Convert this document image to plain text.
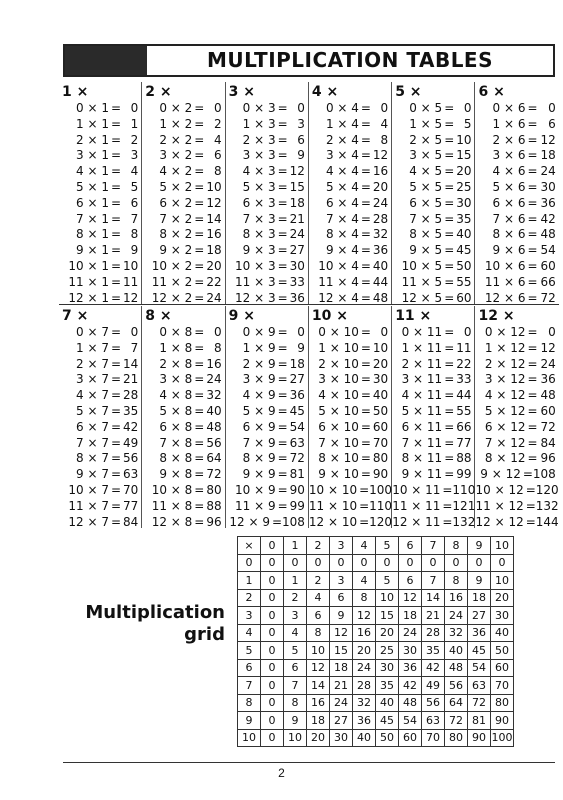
MULTIPLICATION TABLES
1 ×
0 × 1 = 0
1 × 1 = 1
2 × 1 = 2
3 × 1 = 3
4 × 1 = 4
5 × 1 = 5
6 × 1 = 6
7 × 1 = 7
8 × 1 = 8
9 × 1 = 9
10 × 1 = 10
11 × 1 = 11
12 × 1 = 12
2 ×
0 × 2 = 0
1 × 2 = 2
2 × 2 = 4
3 × 2 = 6
4 × 2 = 8
5 × 2 = 10
6 × 2 = 12
7 × 2 = 14
8 × 2 = 16
9 × 2 = 18
10 × 2 = 20
11 × 2 = 22
12 × 2 = 24
3 ×
0 × 3 = 0
1 × 3 = 3
2 × 3 = 6
3 × 3 = 9
4 × 3 = 12
5 × 3 = 15
6 × 3 = 18
7 × 3 = 21
8 × 3 = 24
9 × 3 = 27
10 × 3 = 30
11 × 3 = 33
12 × 3 = 36
4 ×
0 × 4 = 0
1 × 4 = 4
2 × 4 = 8
3 × 4 = 12
4 × 4 = 16
5 × 4 = 20
6 × 4 = 24
7 × 4 = 28
8 × 4 = 32
9 × 4 = 36
10 × 4 = 40
11 × 4 = 44
12 × 4 = 48
5 ×
0 × 5 = 0
1 × 5 = 5
2 × 5 = 10
3 × 5 = 15
4 × 5 = 20
5 × 5 = 25
6 × 5 = 30
7 × 5 = 35
8 × 5 = 40
9 × 5 = 45
10 × 5 = 50
11 × 5 = 55
12 × 5 = 60
6 ×
0 × 6 = 0
1 × 6 = 6
2 × 6 = 12
3 × 6 = 18
4 × 6 = 24
5 × 6 = 30
6 × 6 = 36
7 × 6 = 42
8 × 6 = 48
9 × 6 = 54
10 × 6 = 60
11 × 6 = 66
12 × 6 = 72
7 ×
0 × 7 = 0
1 × 7 = 7
2 × 7 = 14
3 × 7 = 21
4 × 7 = 28
5 × 7 = 35
6 × 7 = 42
7 × 7 = 49
8 × 7 = 56
9 × 7 = 63
10 × 7 = 70
11 × 7 = 77
12 × 7 = 84
8 ×
0 × 8 = 0
1 × 8 = 8
2 × 8 = 16
3 × 8 = 24
4 × 8 = 32
5 × 8 = 40
6 × 8 = 48
7 × 8 = 56
8 × 8 = 64
9 × 8 = 72
10 × 8 = 80
11 × 8 = 88
12 × 8 = 96
9 ×
0 × 9 = 0
1 × 9 = 9
2 × 9 = 18
3 × 9 = 27
4 × 9 = 36
5 × 9 = 45
6 × 9 = 54
7 × 9 = 63
8 × 9 = 72
9 × 9 = 81
10 × 9 = 90
11 × 9 = 99
12 × 9 = 108
10 ×
0 × 10 = 0
1 × 10 = 10
2 × 10 = 20
3 × 10 = 30
4 × 10 = 40
5 × 10 = 50
6 × 10 = 60
7 × 10 = 70
8 × 10 = 80
9 × 10 = 90
10 × 10 = 100
11 × 10 = 110
12 × 10 = 120
11 ×
0 × 11 = 0
1 × 11 = 11
2 × 11 = 22
3 × 11 = 33
4 × 11 = 44
5 × 11 = 55
6 × 11 = 66
7 × 11 = 77
8 × 11 = 88
9 × 11 = 99
10 × 11 = 110
11 × 11 = 121
12 × 11 = 132
12 ×
0 × 12 = 0
1 × 12 = 12
2 × 12 = 24
3 × 12 = 36
4 × 12 = 48
5 × 12 = 60
6 × 12 = 72
7 × 12 = 84
8 × 12 = 96
9 × 12 = 108
10 × 12 = 120
11 × 12 = 132
12 × 12 = 144
Multiplication
grid
×	0	1	2	3	4	5	6	7	8	9	10
0	0	0	0	0	0	0	0	0	0	0	0
1	0	1	2	3	4	5	6	7	8	9	10
2	0	2	4	6	8	10	12	14	16	18	20
3	0	3	6	9	12	15	18	21	24	27	30
4	0	4	8	12	16	20	24	28	32	36	40
5	0	5	10	15	20	25	30	35	40	45	50
6	0	6	12	18	24	30	36	42	48	54	60
7	0	7	14	21	28	35	42	49	56	63	70
8	0	8	16	24	32	40	48	56	64	72	80
9	0	9	18	27	36	45	54	63	72	81	90
10	0	10	20	30	40	50	60	70	80	90	100
2
